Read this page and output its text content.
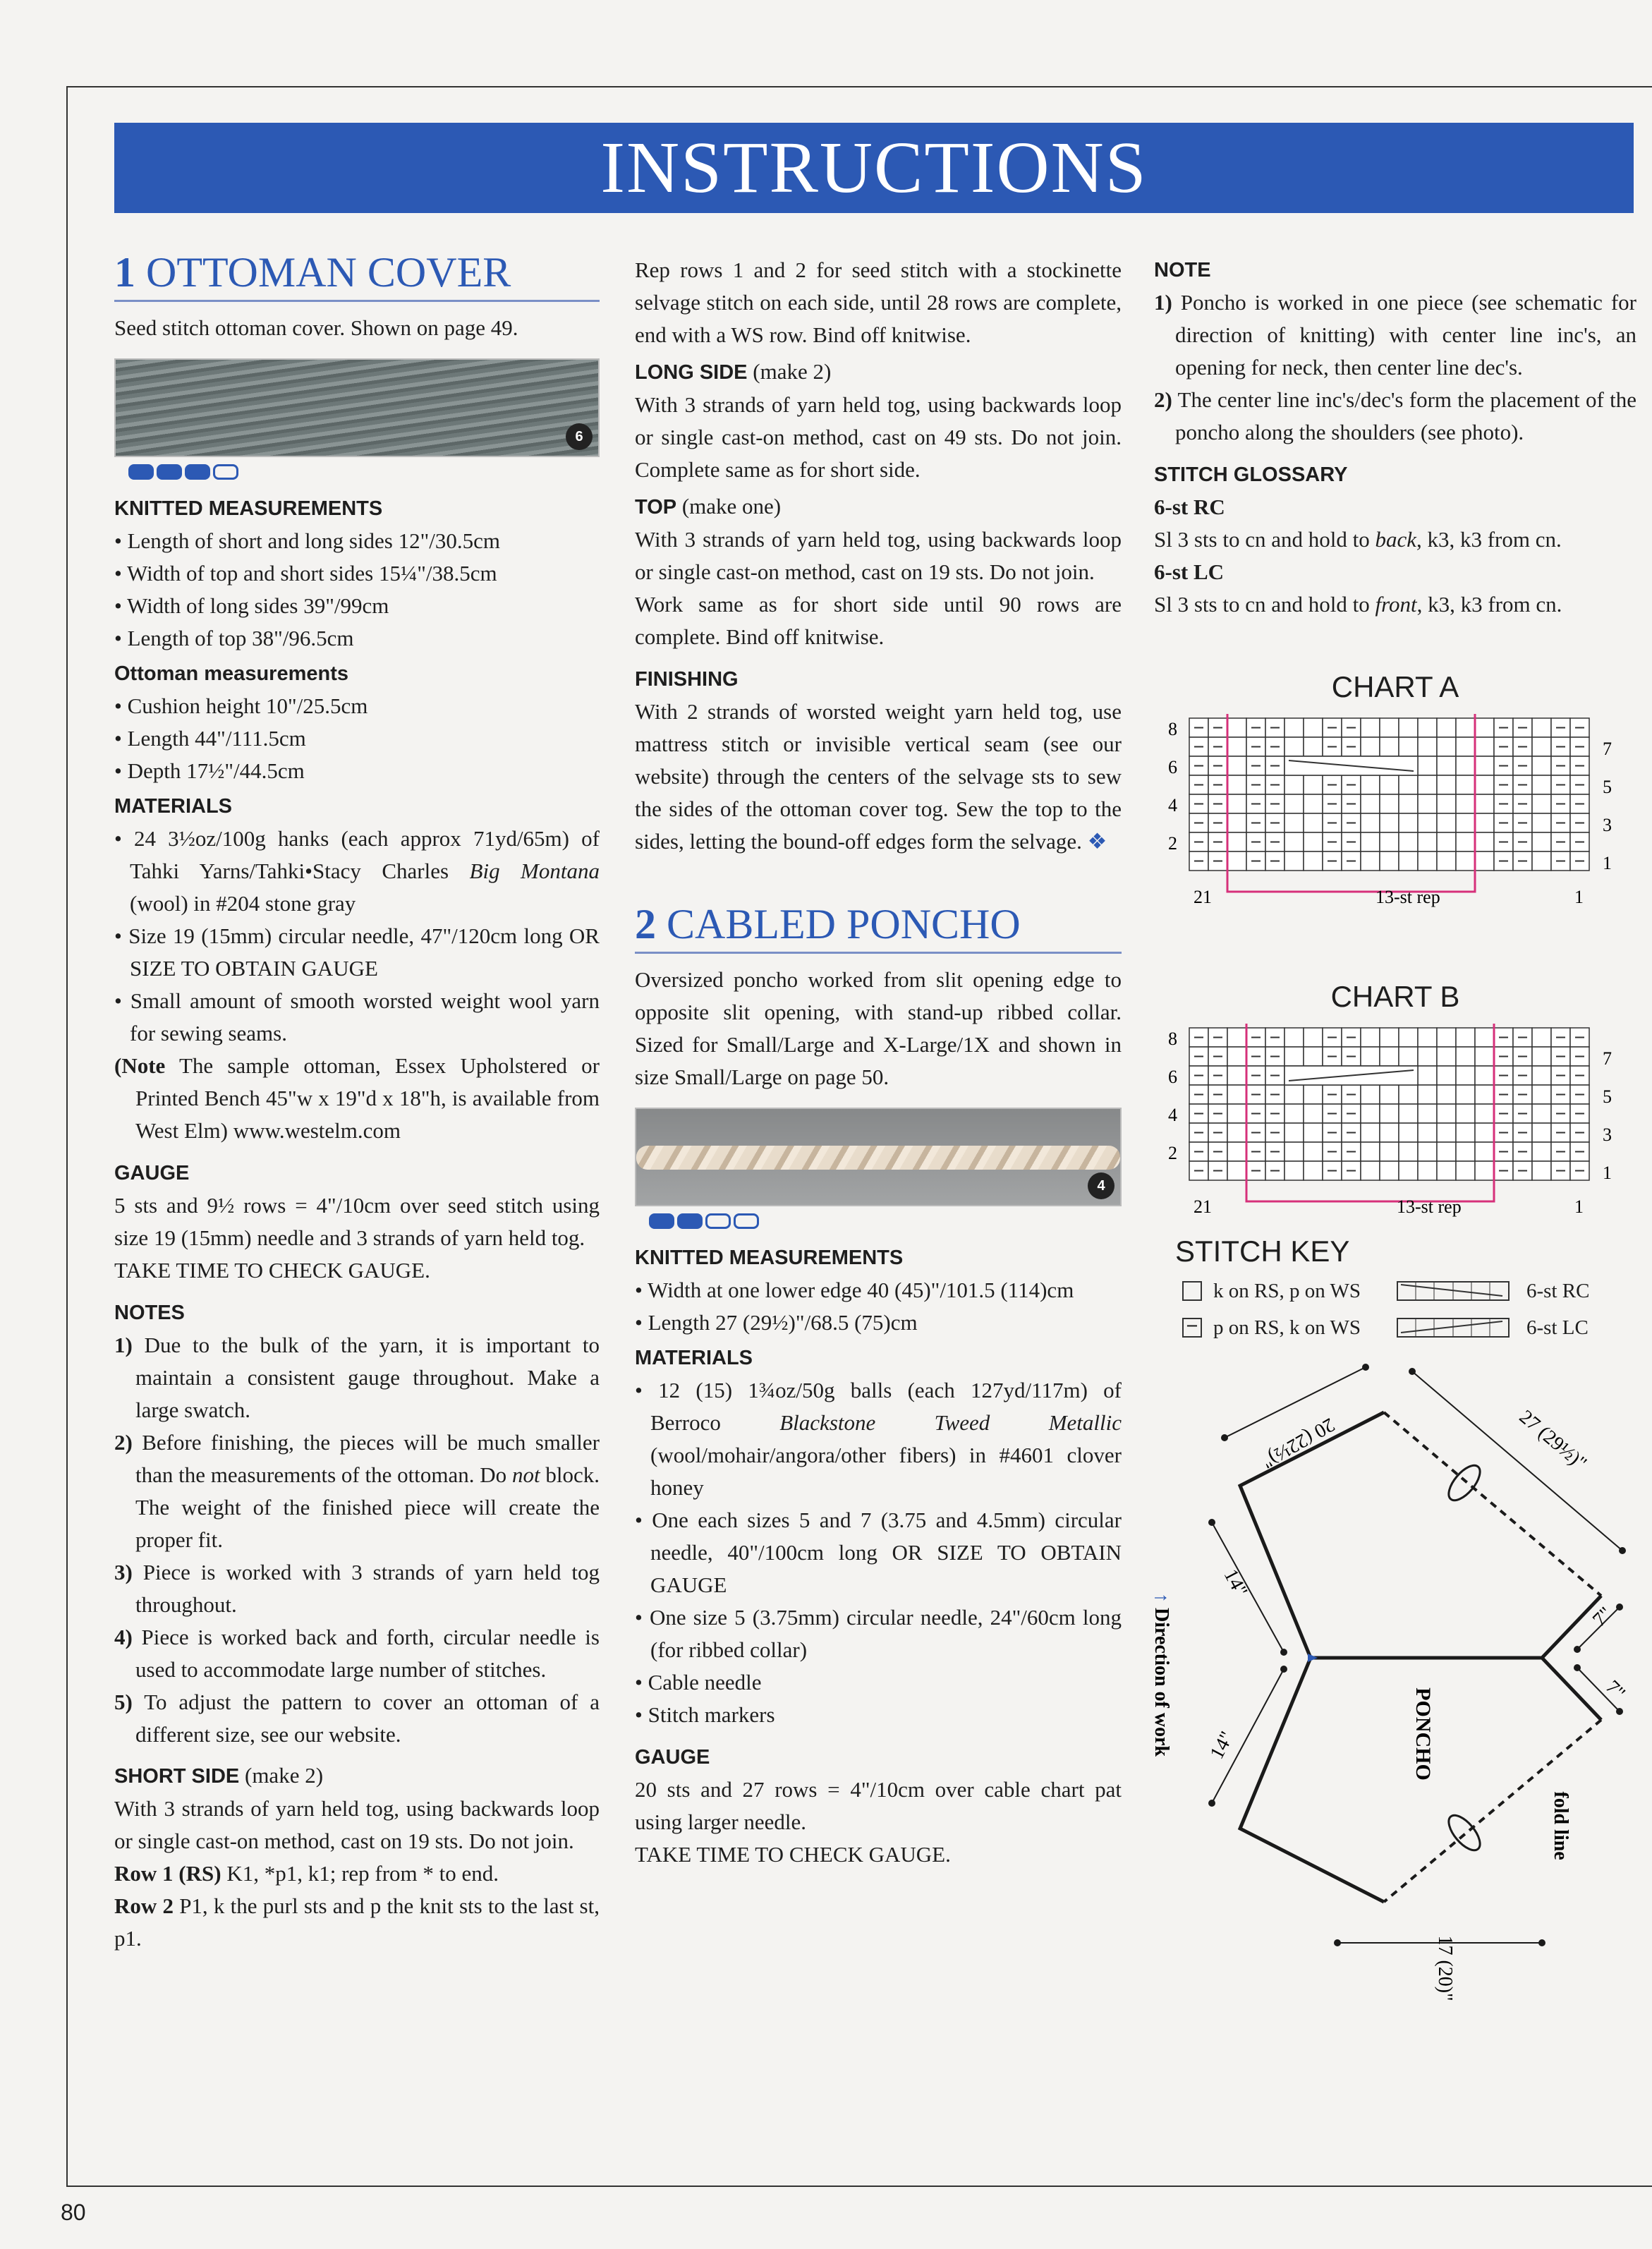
INSTRUCTIONS
1 OTTOMAN COVER

Seed stitch ottoman cover. Shown on page 49.

6
KNITTED MEASUREMENTS
• Length of short and long sides 12"/30.5cm
• Width of top and short sides 15¼"/38.5cm
• Width of long sides 39"/99cm
• Length of top 38"/96.5cm
Ottoman measurements
• Cushion height 10"/25.5cm
• Length 44"/111.5cm
• Depth 17½"/44.5cm
MATERIALS
• 24 3½oz/100g hanks (each approx 71yd/65m) of Tahki Yarns/Tahki•Stacy Charles Big Montana (wool) in #204 stone gray
• Size 19 (15mm) circular needle, 47"/120cm long OR SIZE TO OBTAIN GAUGE
• Small amount of smooth worsted weight wool yarn for sewing seams.

(Note The sample ottoman, Essex Upholstered or Printed Bench 45"w x 19"d x 18"h, is available from West Elm) www.westelm.com

GAUGE

5 sts and 9½ rows = 4"/10cm over seed stitch using size 19 (15mm) needle and 3 strands of yarn held tog.

TAKE TIME TO CHECK GAUGE.

NOTES
1) Due to the bulk of the yarn, it is important to maintain a consistent gauge throughout. Make a large swatch.
2) Before finishing, the pieces will be much smaller than the measurements of the ottoman. Do not block. The weight of the finished piece will create the proper fit.
3) Piece is worked with 3 strands of yarn held tog throughout.
4) Piece is worked back and forth, circular needle is used to accommodate large number of stitches.
5) To adjust the pattern to cover an ottoman of a different size, see our website.

SHORT SIDE (make 2)

With 3 strands of yarn held tog, using backwards loop or single cast-on method, cast on 19 sts. Do not join.

Row 1 (RS) K1, *p1, k1; rep from * to end.

Row 2 P1, k the purl sts and p the knit sts to the last st, p1.

Rep rows 1 and 2 for seed stitch with a stockinette selvage stitch on each side, until 28 rows are complete, end with a WS row. Bind off knitwise.

LONG SIDE (make 2)

With 3 strands of yarn held tog, using backwards loop or single cast-on method, cast on 49 sts. Do not join. Complete same as for short side.

TOP (make one)

With 3 strands of yarn held tog, using backwards loop or single cast-on method, cast on 19 sts. Do not join.

Work same as for short side until 90 rows are complete. Bind off knitwise.

FINISHING

With 2 strands of worsted weight yarn held tog, use mattress stitch or invisible vertical seam (see our website) through the centers of the selvage sts to sew the sides of the ottoman cover tog. Sew the top to the sides, letting the bound-off edges form the selvage. ❖

2 CABLED PONCHO

Oversized poncho worked from slit opening edge to opposite slit opening, with stand-up ribbed collar. Sized for Small/Large and X-Large/1X and shown in size Small/Large on page 50.

4
KNITTED MEASUREMENTS
• Width at one lower edge 40 (45)"/101.5 (114)cm
• Length 27 (29½)"/68.5 (75)cm
MATERIALS
• 12 (15) 1¾oz/50g balls (each 127yd/117m) of Berroco Blackstone Tweed Metallic (wool/mohair/angora/other fibers) in #4601 clover honey
• One each sizes 5 and 7 (3.75 and 4.5mm) circular needle, 40"/100cm long OR SIZE TO OBTAIN GAUGE
• One size 5 (3.75mm) circular needle, 24"/60cm long (for ribbed collar)
• Cable needle
• Stitch markers
GAUGE

20 sts and 27 rows = 4"/10cm over cable chart pat using larger needle.

TAKE TIME TO CHECK GAUGE.

NOTE
1) Poncho is worked in one piece (see schematic for direction of knitting) with center line inc's, an opening for neck, then center line dec's.
2) The center line inc's/dec's form the placement of the poncho along the shoulders (see photo).
STITCH GLOSSARY

6-st RC

Sl 3 sts to cn and hold to back, k3, k3 from cn.

6-st LC

Sl 3 sts to cn and hold to front, k3, k3 from cn.

CHART A
8
6
4
2
7
5
3
1
21	1
13-st rep
CHART B
8
6
4
2
7
5
3
1
21	1
13-st rep
STITCH KEY
k on RS, p on WS	6-st RC
− p on RS, k on WS	6-st LC
20 (22½)"	27 (29½)"
14"
14"
7"
7"
17 (20)"
PONCHO
fold line
↑ Direction of work
80
